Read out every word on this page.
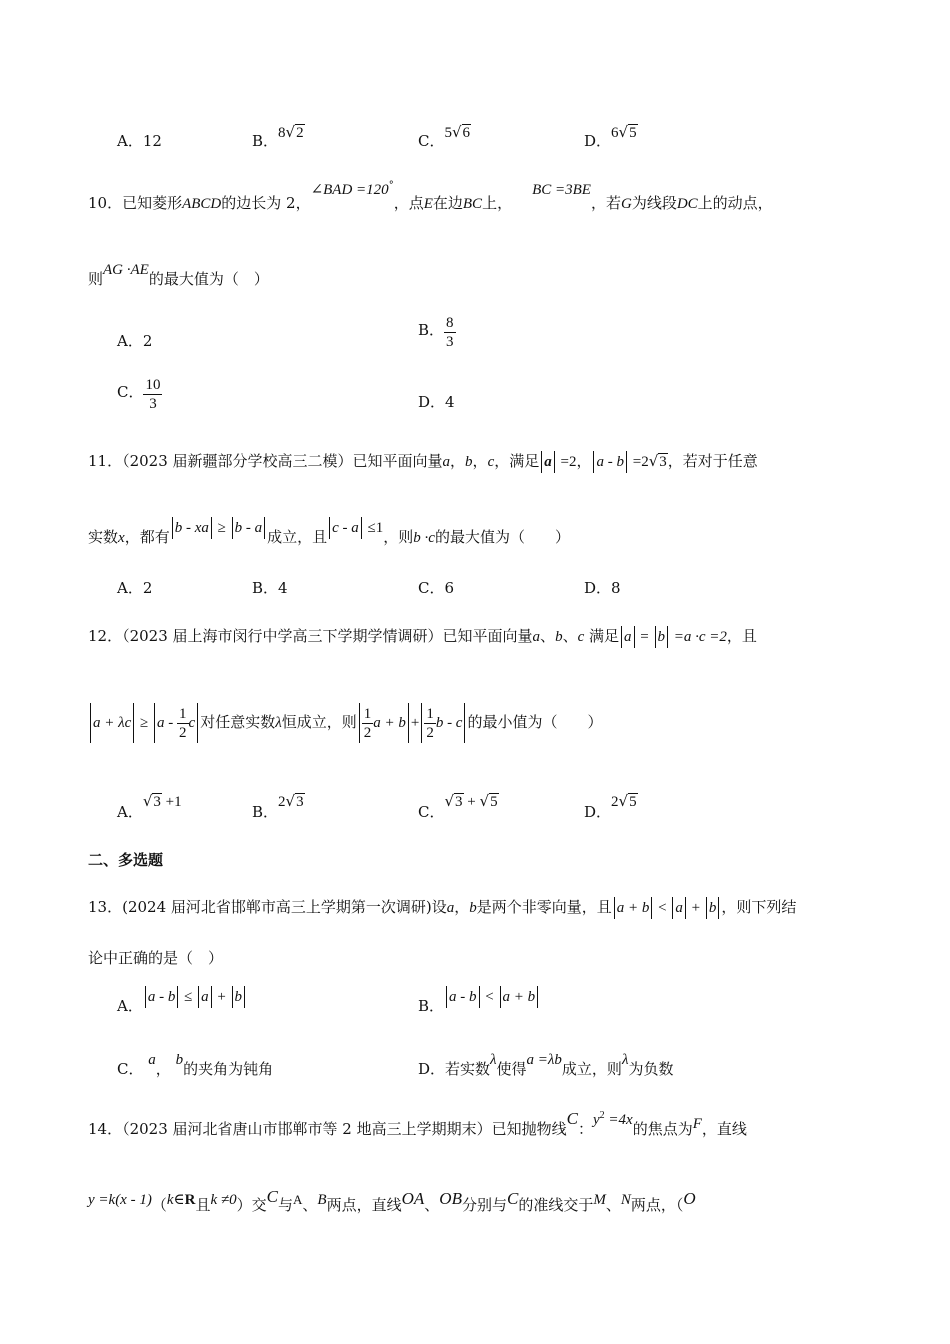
A．12	B．8√2	C．5√6	D．6√5
10．已知菱形ABCD的边长为 2，∠BAD =120°，点E在边BC上，BC =3BE，若G为线段DC上的动点，
则AG ·AE的最大值为（　）
A．2
B． $\frac{8}{3}$
C． $\frac{10}{3}$	D．4
11．（2023 届新疆部分学校高三二模）已知平面向量a，b，c，满足 a =2， a - b =2√3，若对于任意
实数x，都有 b - xa ≥ b - a 成立，且 c - a ≤1，则b ·c的最大值为（　　）
A．2	B．4	C．6	D．8
12．（2023 届上海市闵行中学高三下学期学情调研）已知平面向量a、b、c 满足 a = b =a ·c =2，且
$a + \lambda c \ge a - \frac{1}{2}$ c 对任意实数λ恒成立，则 $\frac{1}{2}$ $a + b + \frac{1}{2}$ b - c 的最小值为（　　）
A．√3 +1
B．2√3
C．√3 + √5
D．2√5
二、多选题
13．(2024 届河北省邯郸市高三上学期第一次调研)设a，b是两个非零向量，且 a + b < a + b ，则下列结
论中正确的是（　）
A． a - b ≤ a + b	B． a - b < a + b
C． a， b的夹角为钝角	D．若实数λ使得a =λb成立，则λ为负数
14．（2023 届河北省唐山市邯郸市等 2 地高三上学期期末）已知抛物线C：$y^2 =4x$的焦点为F，直线
y =k(x - 1)（k∈R且k ≠0）交C与A、B两点，直线OA、OB分别与C的准线交于M、N两点，（O
